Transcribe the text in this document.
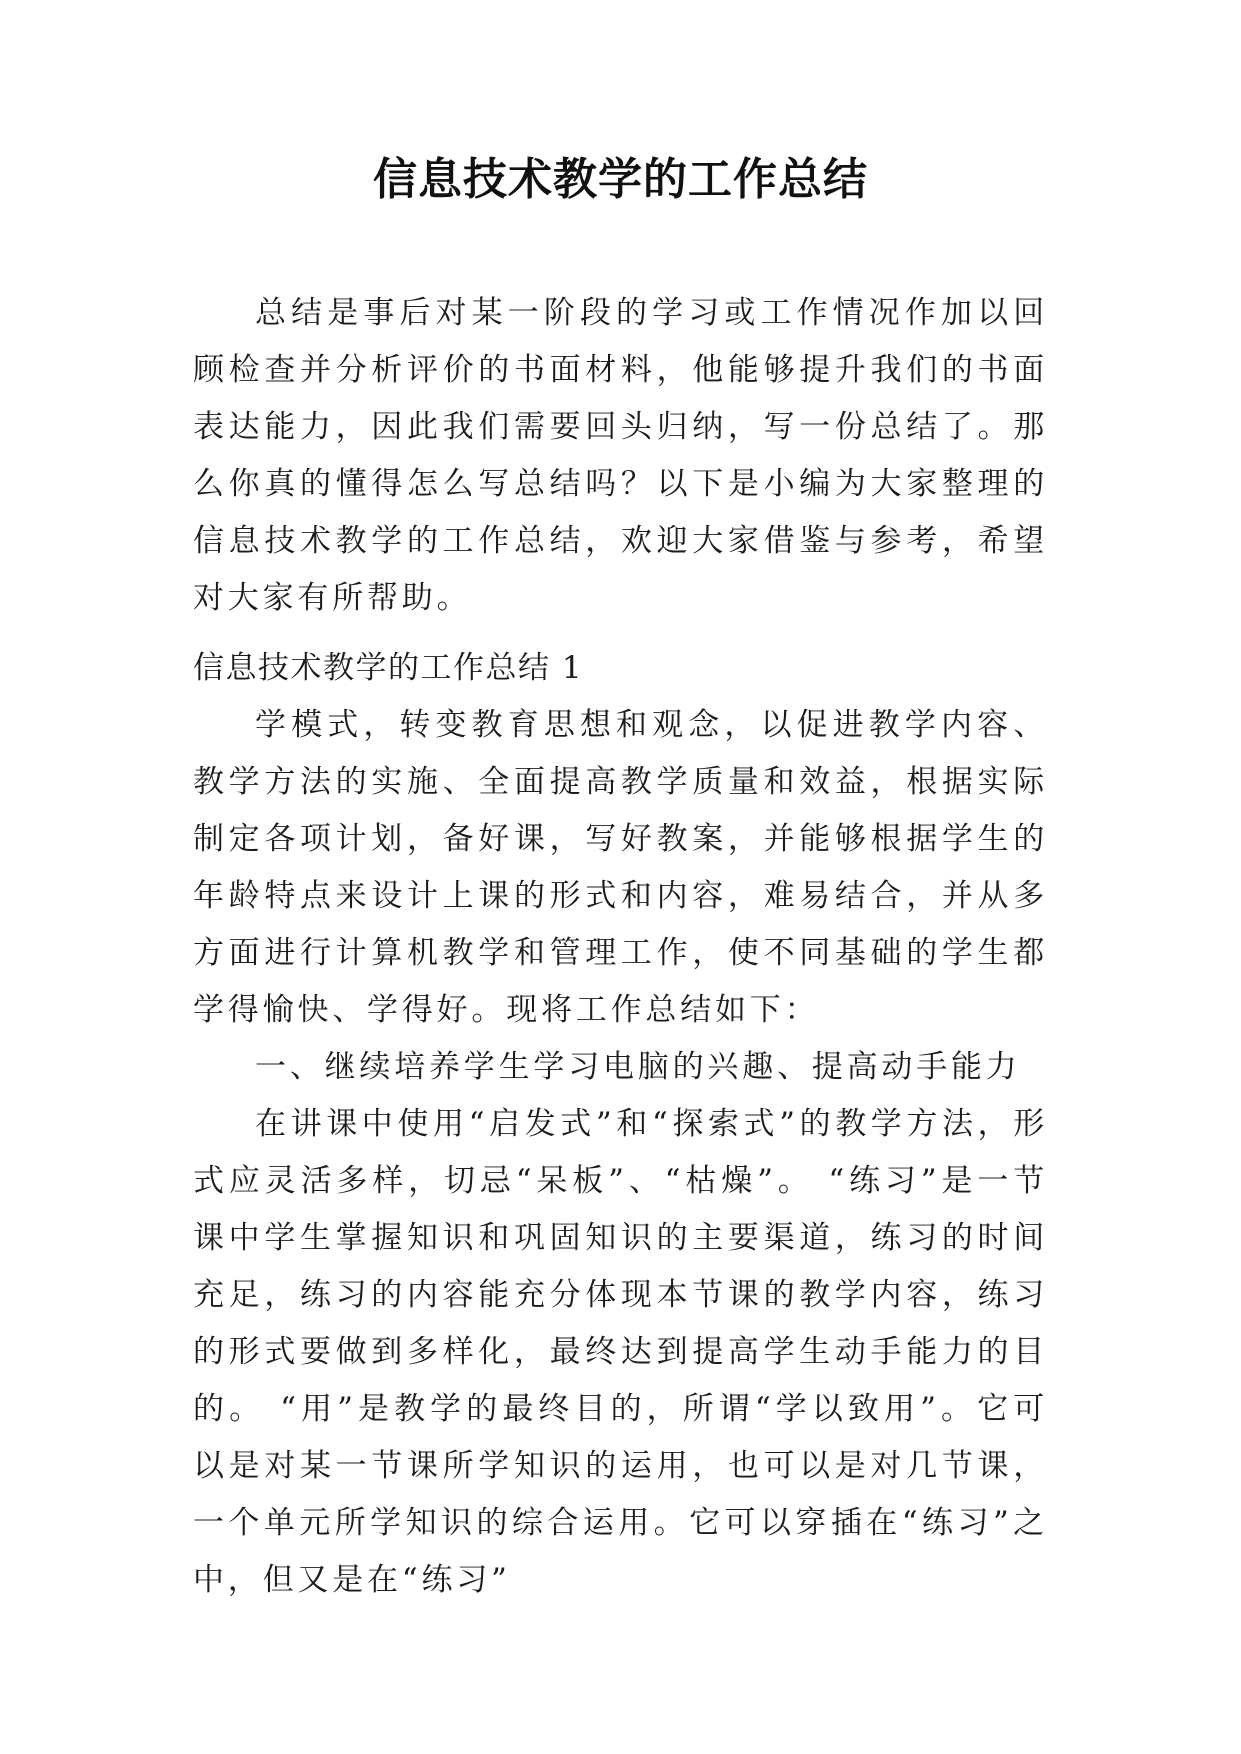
信息技术教学的工作总结

总结是事后对某一阶段的学习或工作情况作加以回顾检查并分析评价的书面材料，他能够提升我们的书面表达能力，因此我们需要回头归纳，写一份总结了。那么你真的懂得怎么写总结吗？以下是小编为大家整理的信息技术教学的工作总结，欢迎大家借鉴与参考，希望对大家有所帮助。

信息技术教学的工作总结 1

学模式，转变教育思想和观念，以促进教学内容、教学方法的实施、全面提高教学质量和效益，根据实际制定各项计划，备好课，写好教案，并能够根据学生的年龄特点来设计上课的形式和内容，难易结合，并从多方面进行计算机教学和管理工作，使不同基础的学生都学得愉快、学得好。现将工作总结如下：

一、继续培养学生学习电脑的兴趣、提高动手能力

在讲课中使用“启发式”和“探索式”的教学方法，形式应灵活多样，切忌“呆板”、“枯燥”。 “练习”是一节课中学生掌握知识和巩固知识的主要渠道，练习的时间充足，练习的内容能充分体现本节课的教学内容，练习的形式要做到多样化，最终达到提高学生动手能力的目的。 “用”是教学的最终目的，所谓“学以致用”。它可以是对某一节课所学知识的运用，也可以是对几节课，一个单元所学知识的综合运用。它可以穿插在“练习”之中，但又是在“练习”
